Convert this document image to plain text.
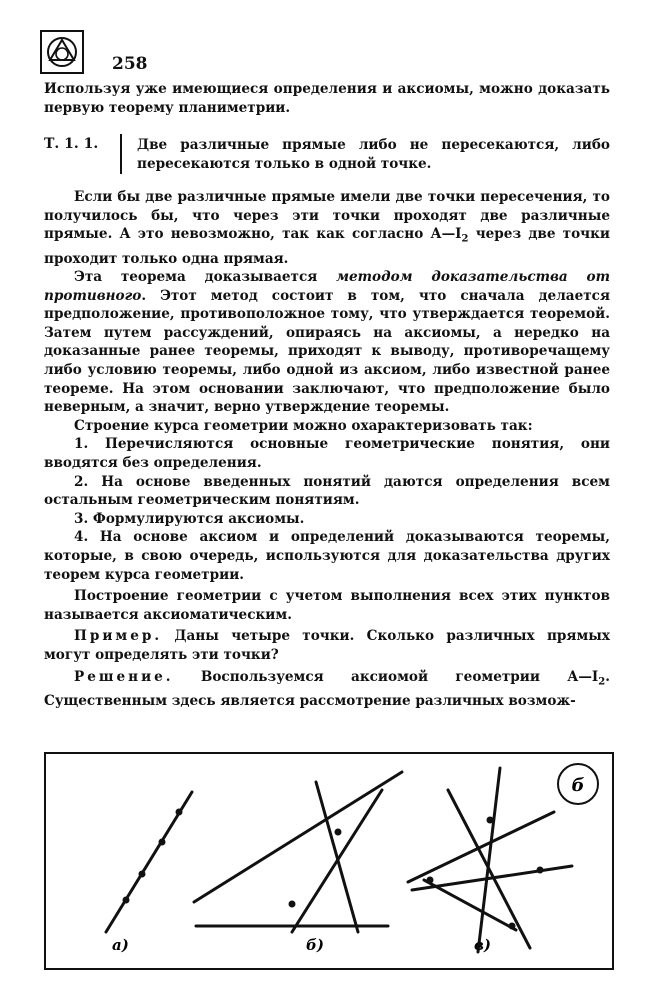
258
Используя уже имеющиеся определения и аксиомы, можно доказать первую теорему планиметрии.
Т. 1. 1.	Две различные прямые либо не пересекаются, либо пересекаются только в одной точке.

Если бы две различные прямые имели две точки пересечения, то получилось бы, что через эти точки проходят две различные прямые. А это невозможно, так как согласно $А—I_2$ через две точки проходит только одна прямая.

Эта теорема доказывается методом доказательства от противного. Этот метод состоит в том, что сначала делается предположение, противоположное тому, что утверждается теоремой. Затем путем рассуждений, опираясь на аксиомы, а нередко на доказанные ранее теоремы, приходят к выводу, противоречащему либо условию теоремы, либо одной из аксиом, либо известной ранее теореме. На этом основании заключают, что предположение было неверным, а значит, верно утверждение теоремы.

Строение курса геометрии можно охарактеризовать так:

1. Перечисляются основные геометрические понятия, они вводятся без определения.

2. На основе введенных понятий даются определения всем остальным геометрическим понятиям.

3. Формулируются аксиомы.

4. На основе аксиом и определений доказываются теоремы, которые, в свою очередь, используются для доказательства других теорем курса геометрии.

Построение геометрии с учетом выполнения всех этих пунктов называется аксиоматическим.

Пример. Даны четыре точки. Сколько различных прямых могут определять эти точки?

Решение. Воспользуемся аксиомой геометрии $А—I_2$. Существенным здесь является рассмотрение различных возмож-

б
а)	б)	в)
